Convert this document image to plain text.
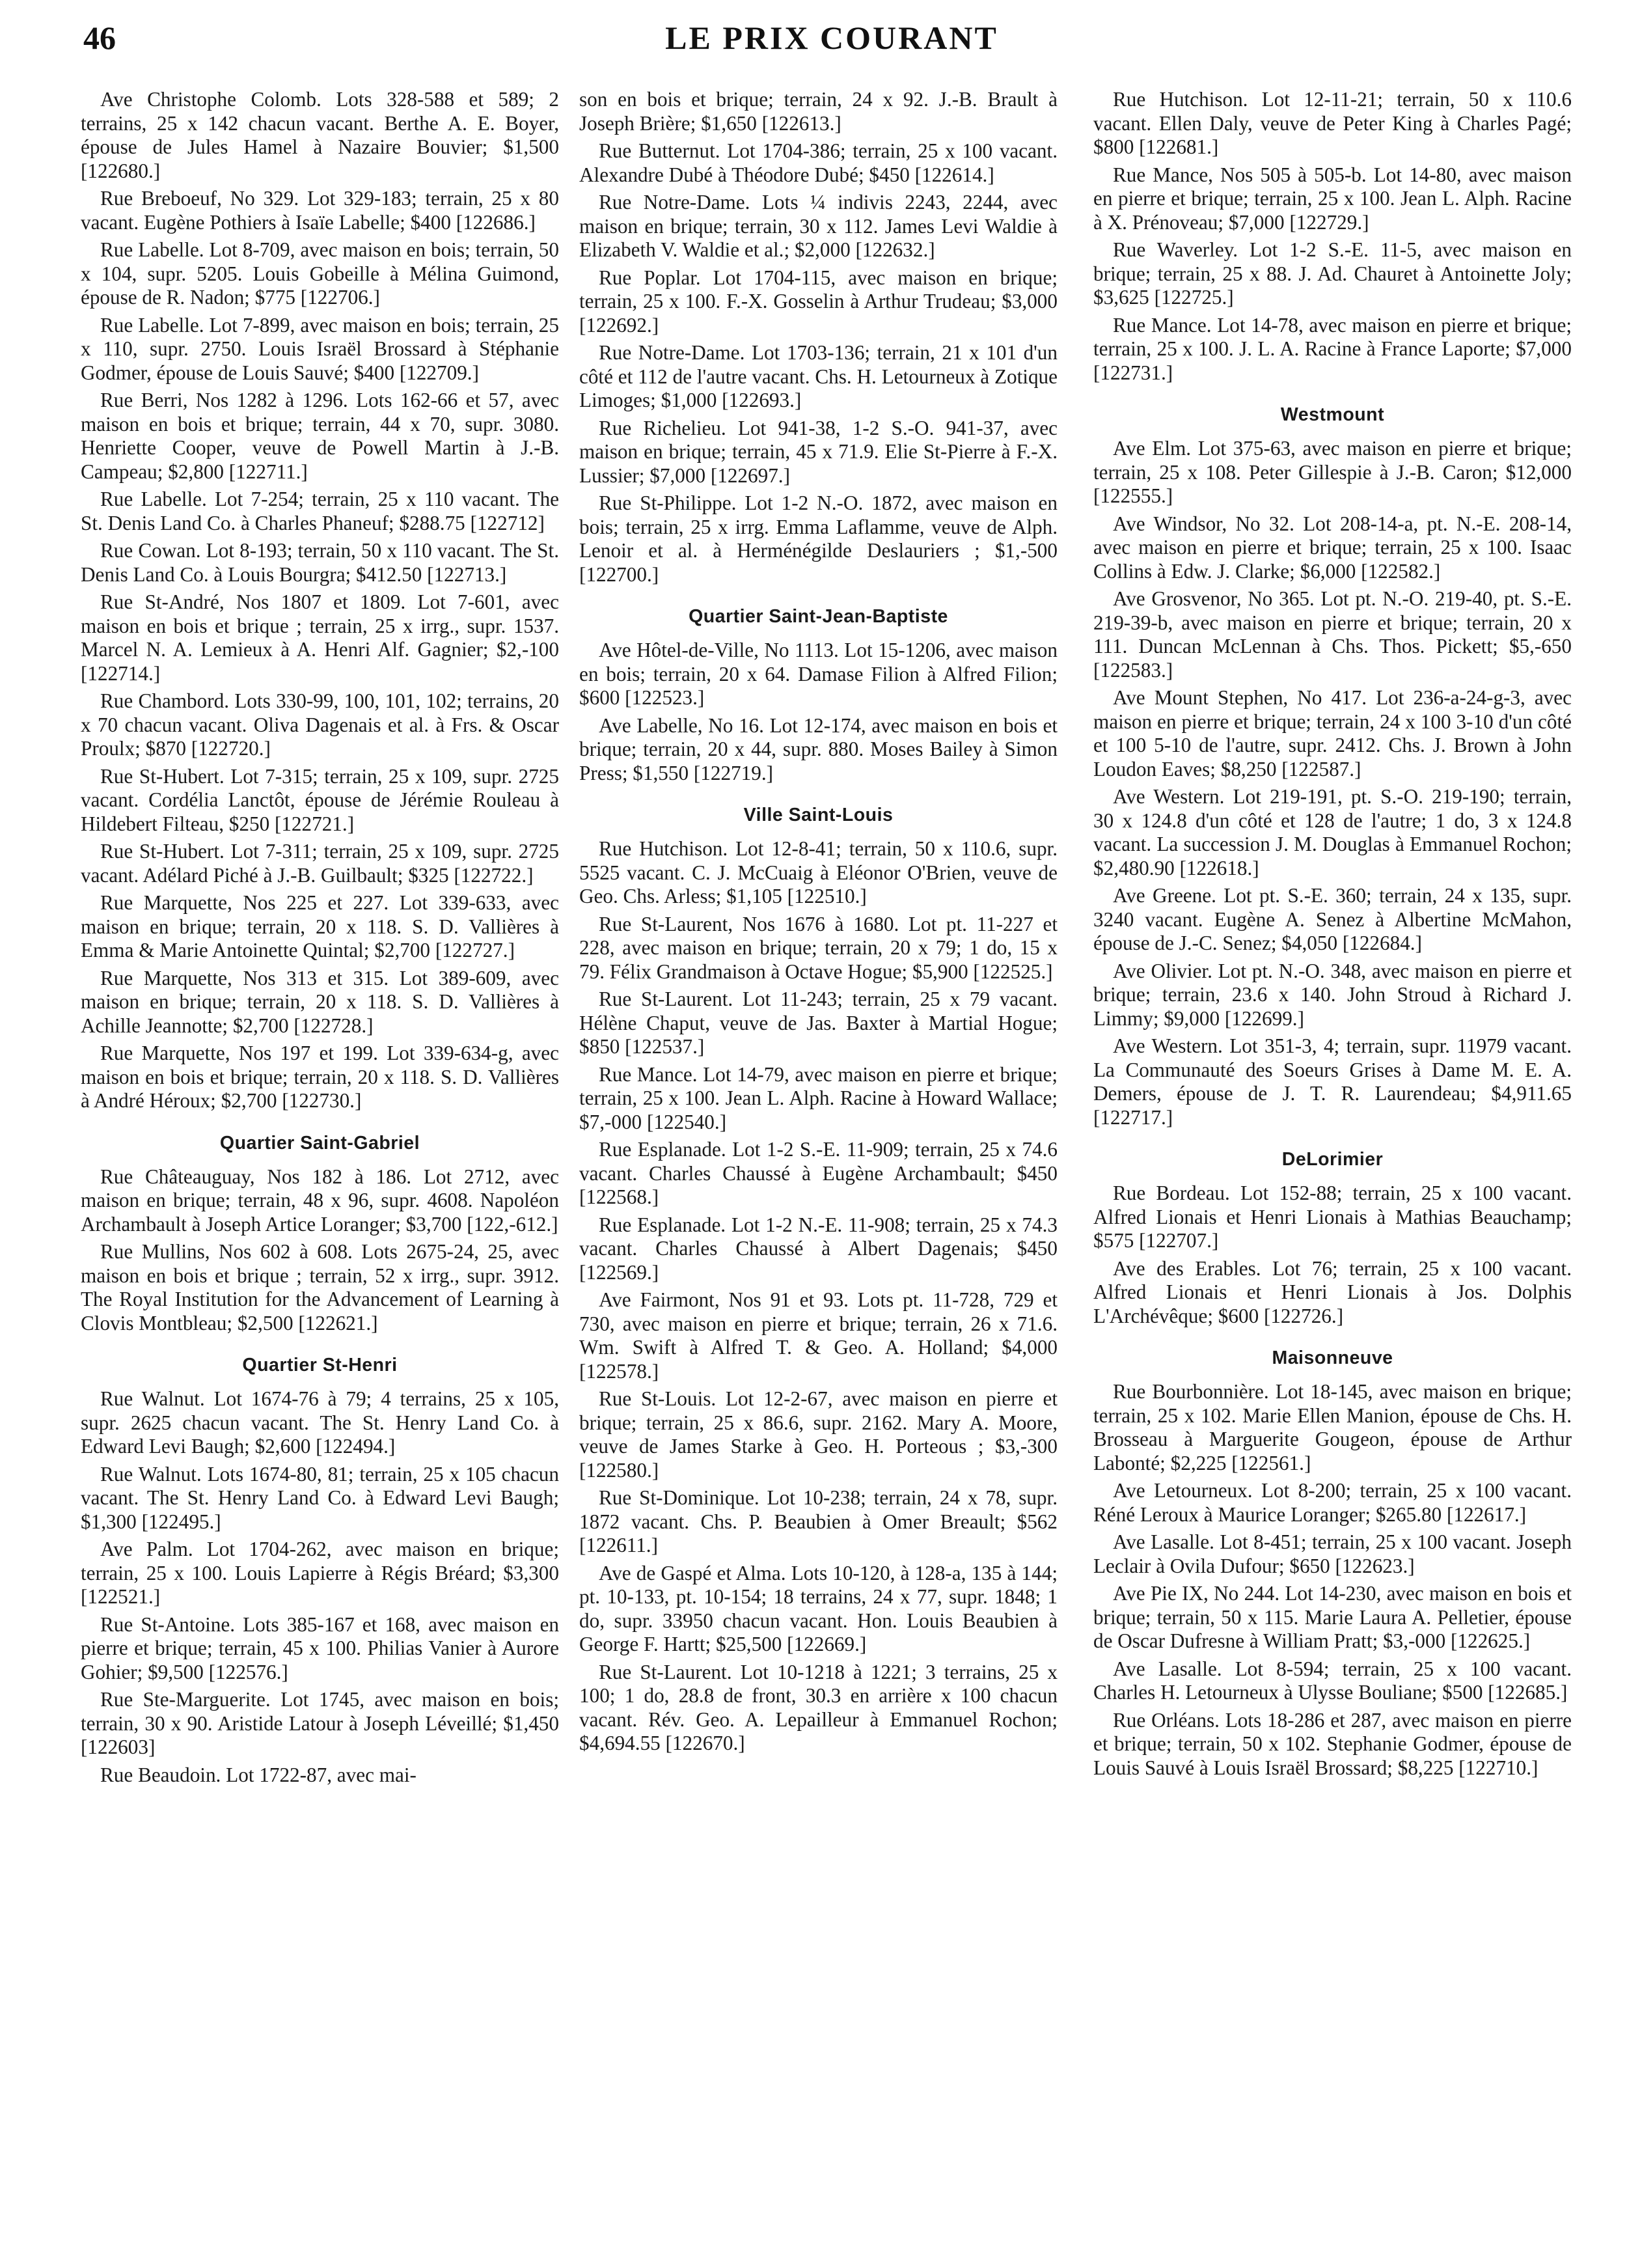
46	LE PRIX COURANT

Ave Christophe Colomb. Lots 328-588 et 589; 2 terrains, 25 x 142 chacun vacant. Berthe A. E. Boyer, épouse de Jules Hamel à Nazaire Bouvier; $1,500 [122680.]

Rue Breboeuf, No 329. Lot 329-183; terrain, 25 x 80 vacant. Eugène Pothiers à Isaïe Labelle; $400 [122686.]

Rue Labelle. Lot 8-709, avec maison en bois; terrain, 50 x 104, supr. 5205. Louis Gobeille à Mélina Guimond, épouse de R. Nadon; $775 [122706.]

Rue Labelle. Lot 7-899, avec maison en bois; terrain, 25 x 110, supr. 2750. Louis Israël Brossard à Stéphanie Godmer, épouse de Louis Sauvé; $400 [122709.]

Rue Berri, Nos 1282 à 1296. Lots 162-66 et 57, avec maison en bois et brique; terrain, 44 x 70, supr. 3080. Henriette Cooper, veuve de Powell Martin à J.-B. Campeau; $2,800 [122711.]

Rue Labelle. Lot 7-254; terrain, 25 x 110 vacant. The St. Denis Land Co. à Charles Phaneuf; $288.75 [122712]

Rue Cowan. Lot 8-193; terrain, 50 x 110 vacant. The St. Denis Land Co. à Louis Bourgra; $412.50 [122713.]

Rue St-André, Nos 1807 et 1809. Lot 7-601, avec maison en bois et brique ; terrain, 25 x irrg., supr. 1537. Marcel N. A. Lemieux à A. Henri Alf. Gagnier; $2,-100 [122714.]

Rue Chambord. Lots 330-99, 100, 101, 102; terrains, 20 x 70 chacun vacant. Oliva Dagenais et al. à Frs. & Oscar Proulx; $870 [122720.]

Rue St-Hubert. Lot 7-315; terrain, 25 x 109, supr. 2725 vacant. Cordélia Lanctôt, épouse de Jérémie Rouleau à Hildebert Filteau, $250 [122721.]

Rue St-Hubert. Lot 7-311; terrain, 25 x 109, supr. 2725 vacant. Adélard Piché à J.-B. Guilbault; $325 [122722.]

Rue Marquette, Nos 225 et 227. Lot 339-633, avec maison en brique; terrain, 20 x 118. S. D. Vallières à Emma & Marie Antoinette Quintal; $2,700 [122727.]

Rue Marquette, Nos 313 et 315. Lot 389-609, avec maison en brique; terrain, 20 x 118. S. D. Vallières à Achille Jeannotte; $2,700 [122728.]

Rue Marquette, Nos 197 et 199. Lot 339-634-g, avec maison en bois et brique; terrain, 20 x 118. S. D. Vallières à André Héroux; $2,700 [122730.]

Quartier Saint-Gabriel

Rue Châteauguay, Nos 182 à 186. Lot 2712, avec maison en brique; terrain, 48 x 96, supr. 4608. Napoléon Archambault à Joseph Artice Loranger; $3,700 [122,-612.]

Rue Mullins, Nos 602 à 608. Lots 2675-24, 25, avec maison en bois et brique ; terrain, 52 x irrg., supr. 3912. The Royal Institution for the Advancement of Learning à Clovis Montbleau; $2,500 [122621.]

Quartier St-Henri

Rue Walnut. Lot 1674-76 à 79; 4 terrains, 25 x 105, supr. 2625 chacun vacant. The St. Henry Land Co. à Edward Levi Baugh; $2,600 [122494.]

Rue Walnut. Lots 1674-80, 81; terrain, 25 x 105 chacun vacant. The St. Henry Land Co. à Edward Levi Baugh; $1,300 [122495.]

Ave Palm. Lot 1704-262, avec maison en brique; terrain, 25 x 100. Louis Lapierre à Régis Bréard; $3,300 [122521.]

Rue St-Antoine. Lots 385-167 et 168, avec maison en pierre et brique; terrain, 45 x 100. Philias Vanier à Aurore Gohier; $9,500 [122576.]

Rue Ste-Marguerite. Lot 1745, avec maison en bois; terrain, 30 x 90. Aristide Latour à Joseph Léveillé; $1,450 [122603]

Rue Beaudoin. Lot 1722-87, avec mai-

son en bois et brique; terrain, 24 x 92. J.-B. Brault à Joseph Brière; $1,650 [122613.]

Rue Butternut. Lot 1704-386; terrain, 25 x 100 vacant. Alexandre Dubé à Théodore Dubé; $450 [122614.]

Rue Notre-Dame. Lots ¼ indivis 2243, 2244, avec maison en brique; terrain, 30 x 112. James Levi Waldie à Elizabeth V. Waldie et al.; $2,000 [122632.]

Rue Poplar. Lot 1704-115, avec maison en brique; terrain, 25 x 100. F.-X. Gosselin à Arthur Trudeau; $3,000 [122692.]

Rue Notre-Dame. Lot 1703-136; terrain, 21 x 101 d'un côté et 112 de l'autre vacant. Chs. H. Letourneux à Zotique Limoges; $1,000 [122693.]

Rue Richelieu. Lot 941-38, 1-2 S.-O. 941-37, avec maison en brique; terrain, 45 x 71.9. Elie St-Pierre à F.-X. Lussier; $7,000 [122697.]

Rue St-Philippe. Lot 1-2 N.-O. 1872, avec maison en bois; terrain, 25 x irrg. Emma Laflamme, veuve de Alph. Lenoir et al. à Herménégilde Deslauriers ; $1,-500 [122700.]

Quartier Saint-Jean-Baptiste

Ave Hôtel-de-Ville, No 1113. Lot 15-1206, avec maison en bois; terrain, 20 x 64. Damase Filion à Alfred Filion; $600 [122523.]

Ave Labelle, No 16. Lot 12-174, avec maison en bois et brique; terrain, 20 x 44, supr. 880. Moses Bailey à Simon Press; $1,550 [122719.]

Ville Saint-Louis

Rue Hutchison. Lot 12-8-41; terrain, 50 x 110.6, supr. 5525 vacant. C. J. McCuaig à Eléonor O'Brien, veuve de Geo. Chs. Arless; $1,105 [122510.]

Rue St-Laurent, Nos 1676 à 1680. Lot pt. 11-227 et 228, avec maison en brique; terrain, 20 x 79; 1 do, 15 x 79. Félix Grandmaison à Octave Hogue; $5,900 [122525.]

Rue St-Laurent. Lot 11-243; terrain, 25 x 79 vacant. Hélène Chaput, veuve de Jas. Baxter à Martial Hogue; $850 [122537.]

Rue Mance. Lot 14-79, avec maison en pierre et brique; terrain, 25 x 100. Jean L. Alph. Racine à Howard Wallace; $7,-000 [122540.]

Rue Esplanade. Lot 1-2 S.-E. 11-909; terrain, 25 x 74.6 vacant. Charles Chaussé à Eugène Archambault; $450 [122568.]

Rue Esplanade. Lot 1-2 N.-E. 11-908; terrain, 25 x 74.3 vacant. Charles Chaussé à Albert Dagenais; $450 [122569.]

Ave Fairmont, Nos 91 et 93. Lots pt. 11-728, 729 et 730, avec maison en pierre et brique; terrain, 26 x 71.6. Wm. Swift à Alfred T. & Geo. A. Holland; $4,000 [122578.]

Rue St-Louis. Lot 12-2-67, avec maison en pierre et brique; terrain, 25 x 86.6, supr. 2162. Mary A. Moore, veuve de James Starke à Geo. H. Porteous ; $3,-300 [122580.]

Rue St-Dominique. Lot 10-238; terrain, 24 x 78, supr. 1872 vacant. Chs. P. Beaubien à Omer Breault; $562 [122611.]

Ave de Gaspé et Alma. Lots 10-120, à 128-a, 135 à 144; pt. 10-133, pt. 10-154; 18 terrains, 24 x 77, supr. 1848; 1 do, supr. 33950 chacun vacant. Hon. Louis Beaubien à George F. Hartt; $25,500 [122669.]

Rue St-Laurent. Lot 10-1218 à 1221; 3 terrains, 25 x 100; 1 do, 28.8 de front, 30.3 en arrière x 100 chacun vacant. Rév. Geo. A. Lepailleur à Emmanuel Rochon; $4,694.55 [122670.]

Rue Hutchison. Lot 12-11-21; terrain, 50 x 110.6 vacant. Ellen Daly, veuve de Peter King à Charles Pagé; $800 [122681.]

Rue Mance, Nos 505 à 505-b. Lot 14-80, avec maison en pierre et brique; terrain, 25 x 100. Jean L. Alph. Racine à X. Prénoveau; $7,000 [122729.]

Rue Waverley. Lot 1-2 S.-E. 11-5, avec maison en brique; terrain, 25 x 88. J. Ad. Chauret à Antoinette Joly; $3,625 [122725.]

Rue Mance. Lot 14-78, avec maison en pierre et brique; terrain, 25 x 100. J. L. A. Racine à France Laporte; $7,000 [122731.]

Westmount

Ave Elm. Lot 375-63, avec maison en pierre et brique; terrain, 25 x 108. Peter Gillespie à J.-B. Caron; $12,000 [122555.]

Ave Windsor, No 32. Lot 208-14-a, pt. N.-E. 208-14, avec maison en pierre et brique; terrain, 25 x 100. Isaac Collins à Edw. J. Clarke; $6,000 [122582.]

Ave Grosvenor, No 365. Lot pt. N.-O. 219-40, pt. S.-E. 219-39-b, avec maison en pierre et brique; terrain, 20 x 111. Duncan McLennan à Chs. Thos. Pickett; $5,-650 [122583.]

Ave Mount Stephen, No 417. Lot 236-a-24-g-3, avec maison en pierre et brique; terrain, 24 x 100 3-10 d'un côté et 100 5-10 de l'autre, supr. 2412. Chs. J. Brown à John Loudon Eaves; $8,250 [122587.]

Ave Western. Lot 219-191, pt. S.-O. 219-190; terrain, 30 x 124.8 d'un côté et 128 de l'autre; 1 do, 3 x 124.8 vacant. La succession J. M. Douglas à Emmanuel Rochon; $2,480.90 [122618.]

Ave Greene. Lot pt. S.-E. 360; terrain, 24 x 135, supr. 3240 vacant. Eugène A. Senez à Albertine McMahon, épouse de J.-C. Senez; $4,050 [122684.]

Ave Olivier. Lot pt. N.-O. 348, avec maison en pierre et brique; terrain, 23.6 x 140. John Stroud à Richard J. Limmy; $9,000 [122699.]

Ave Western. Lot 351-3, 4; terrain, supr. 11979 vacant. La Communauté des Soeurs Grises à Dame M. E. A. Demers, épouse de J. T. R. Laurendeau; $4,911.65 [122717.]

DeLorimier

Rue Bordeau. Lot 152-88; terrain, 25 x 100 vacant. Alfred Lionais et Henri Lionais à Mathias Beauchamp; $575 [122707.]

Ave des Erables. Lot 76; terrain, 25 x 100 vacant. Alfred Lionais et Henri Lionais à Jos. Dolphis L'Archévêque; $600 [122726.]

Maisonneuve

Rue Bourbonnière. Lot 18-145, avec maison en brique; terrain, 25 x 102. Marie Ellen Manion, épouse de Chs. H. Brosseau à Marguerite Gougeon, épouse de Arthur Labonté; $2,225 [122561.]

Ave Letourneux. Lot 8-200; terrain, 25 x 100 vacant. Réné Leroux à Maurice Loranger; $265.80 [122617.]

Ave Lasalle. Lot 8-451; terrain, 25 x 100 vacant. Joseph Leclair à Ovila Dufour; $650 [122623.]

Ave Pie IX, No 244. Lot 14-230, avec maison en bois et brique; terrain, 50 x 115. Marie Laura A. Pelletier, épouse de Oscar Dufresne à William Pratt; $3,-000 [122625.]

Ave Lasalle. Lot 8-594; terrain, 25 x 100 vacant. Charles H. Letourneux à Ulysse Bouliane; $500 [122685.]

Rue Orléans. Lots 18-286 et 287, avec maison en pierre et brique; terrain, 50 x 102. Stephanie Godmer, épouse de Louis Sauvé à Louis Israël Brossard; $8,225 [122710.]
